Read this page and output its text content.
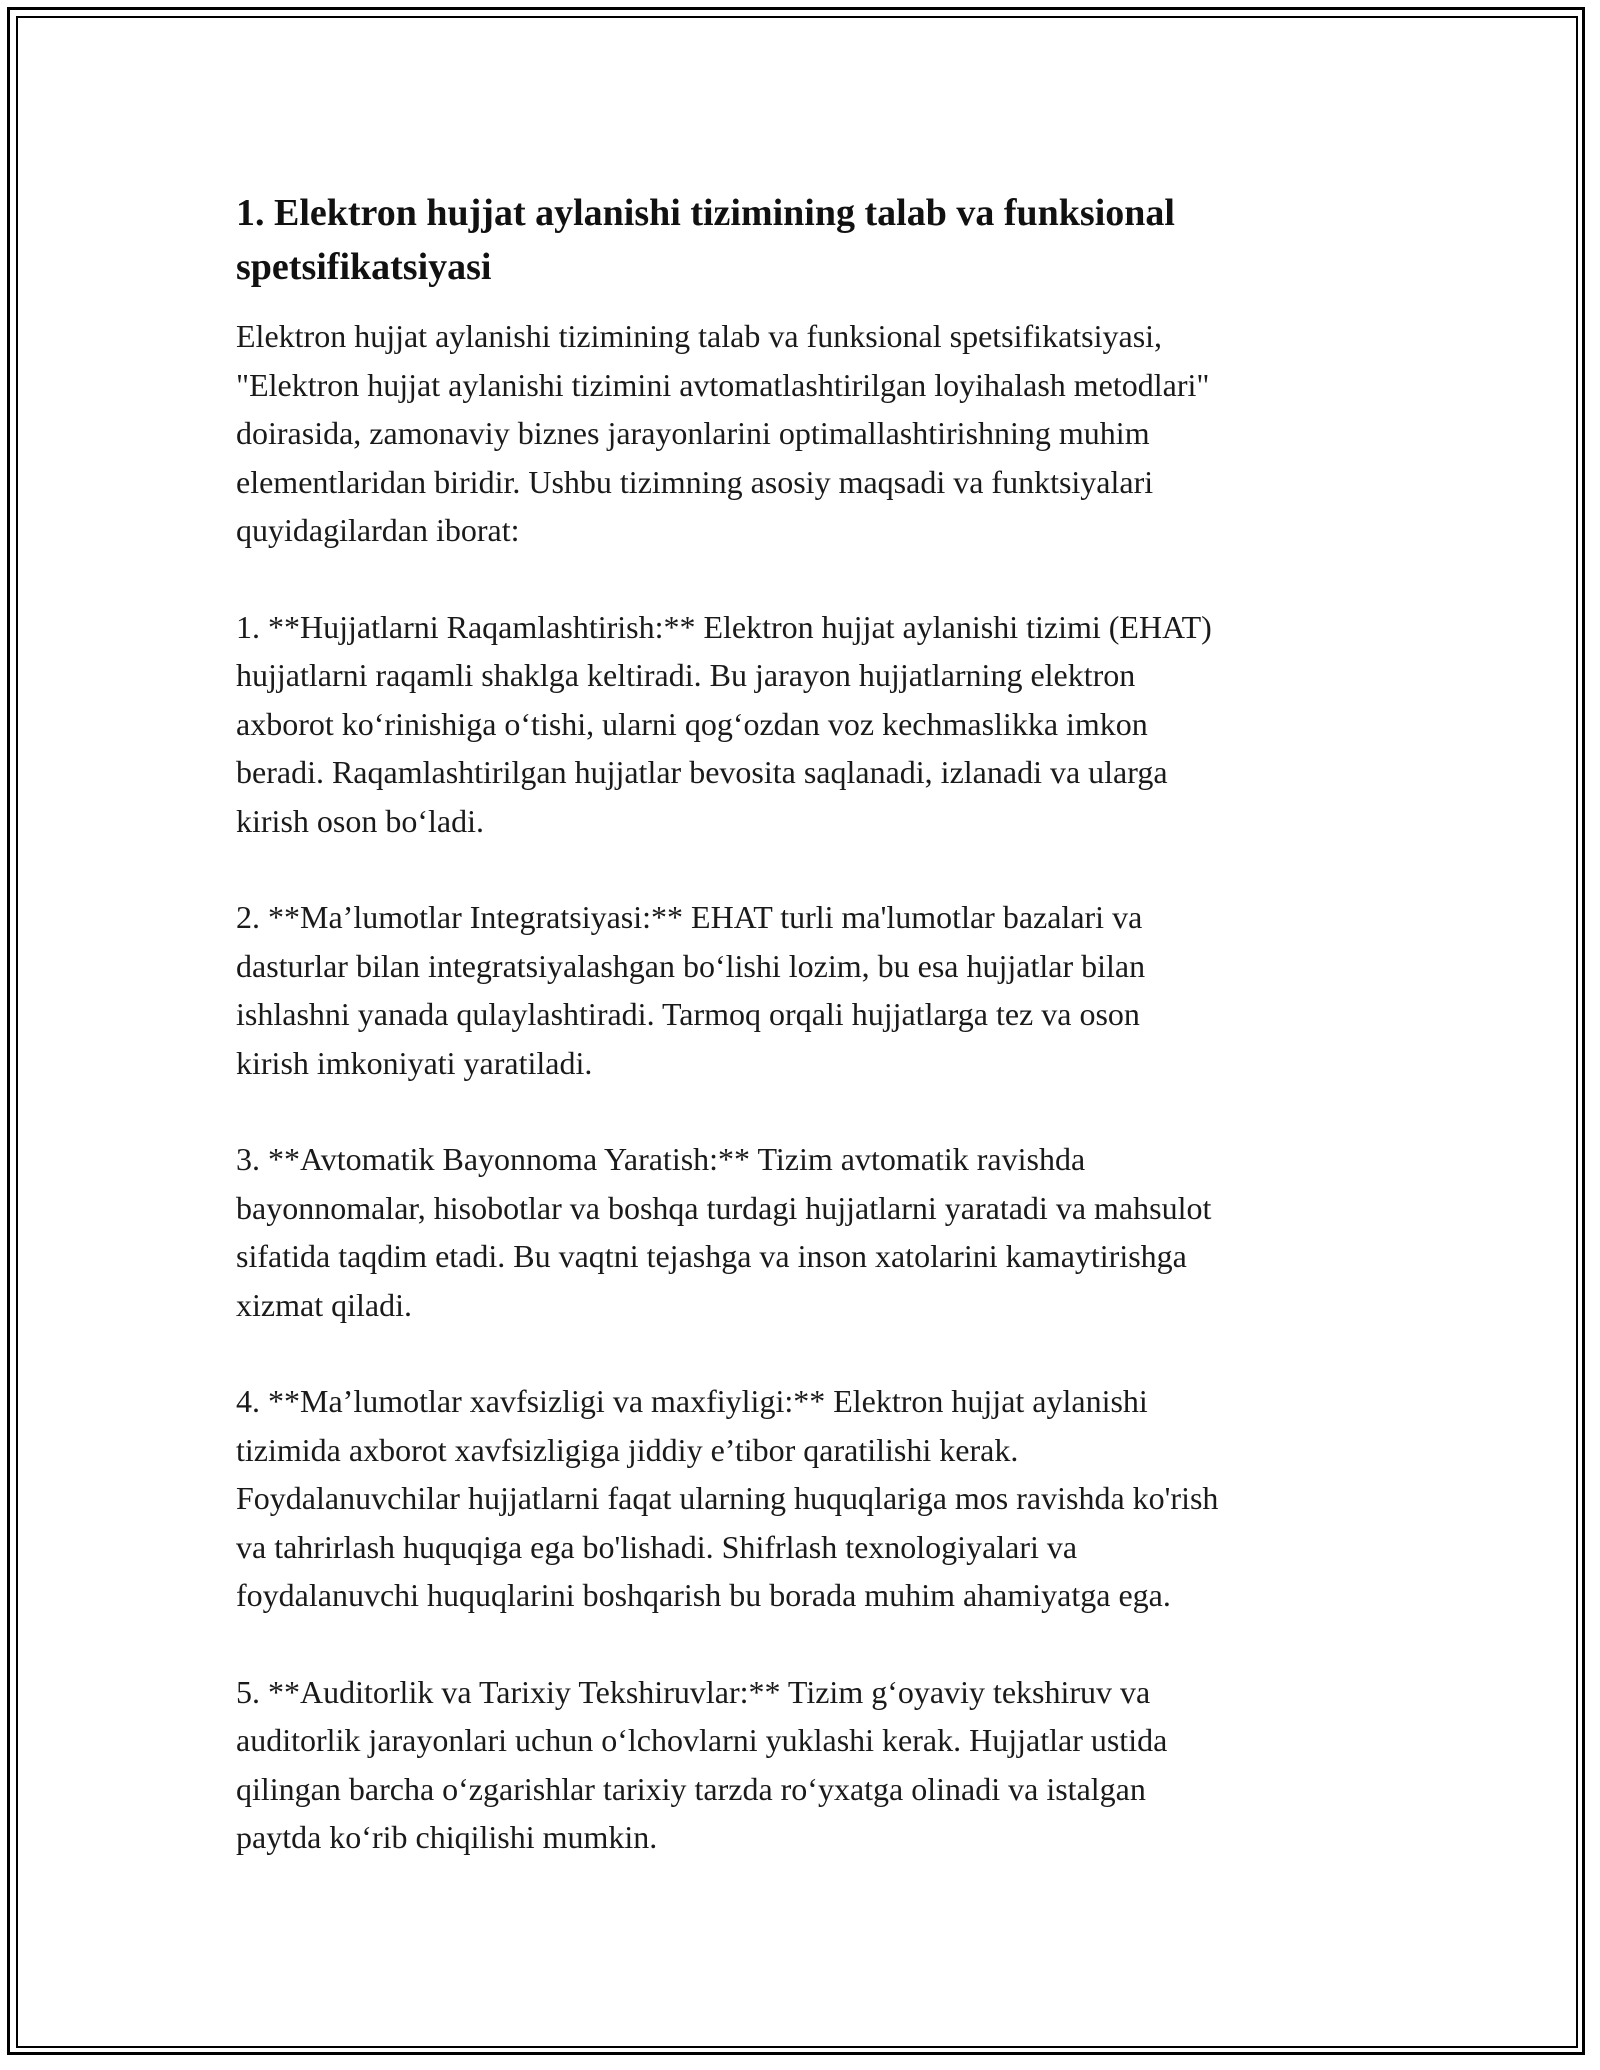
1. Elektron hujjat aylanishi tizimining talab va funksional spetsifikatsiyasi

Elektron hujjat aylanishi tizimining talab va funksional spetsifikatsiyasi,
"Elektron hujjat aylanishi tizimini avtomatlashtirilgan loyihalash metodlari"
doirasida, zamonaviy biznes jarayonlarini optimallashtirishning muhim
elementlaridan biridir. Ushbu tizimning asosiy maqsadi va funktsiyalari
quyidagilardan iborat:

1. **Hujjatlarni Raqamlashtirish:** Elektron hujjat aylanishi tizimi (EHAT)
hujjatlarni raqamli shaklga keltiradi. Bu jarayon hujjatlarning elektron
axborot ko‘rinishiga o‘tishi, ularni qog‘ozdan voz kechmaslikka imkon
beradi. Raqamlashtirilgan hujjatlar bevosita saqlanadi, izlanadi va ularga
kirish oson bo‘ladi.

2. **Ma’lumotlar Integratsiyasi:** EHAT turli ma'lumotlar bazalari va
dasturlar bilan integratsiyalashgan bo‘lishi lozim, bu esa hujjatlar bilan
ishlashni yanada qulaylashtiradi. Tarmoq orqali hujjatlarga tez va oson
kirish imkoniyati yaratiladi.

3. **Avtomatik Bayonnoma Yaratish:** Tizim avtomatik ravishda
bayonnomalar, hisobotlar va boshqa turdagi hujjatlarni yaratadi va mahsulot
sifatida taqdim etadi. Bu vaqtni tejashga va inson xatolarini kamaytirishga
xizmat qiladi.

4. **Ma’lumotlar xavfsizligi va maxfiyligi:** Elektron hujjat aylanishi
tizimida axborot xavfsizligiga jiddiy e’tibor qaratilishi kerak.
Foydalanuvchilar hujjatlarni faqat ularning huquqlariga mos ravishda ko'rish
va tahrirlash huquqiga ega bo'lishadi. Shifrlash texnologiyalari va
foydalanuvchi huquqlarini boshqarish bu borada muhim ahamiyatga ega.

5. **Auditorlik va Tarixiy Tekshiruvlar:** Tizim g‘oyaviy tekshiruv va
auditorlik jarayonlari uchun o‘lchovlarni yuklashi kerak. Hujjatlar ustida
qilingan barcha o‘zgarishlar tarixiy tarzda ro‘yxatga olinadi va istalgan
paytda ko‘rib chiqilishi mumkin.
